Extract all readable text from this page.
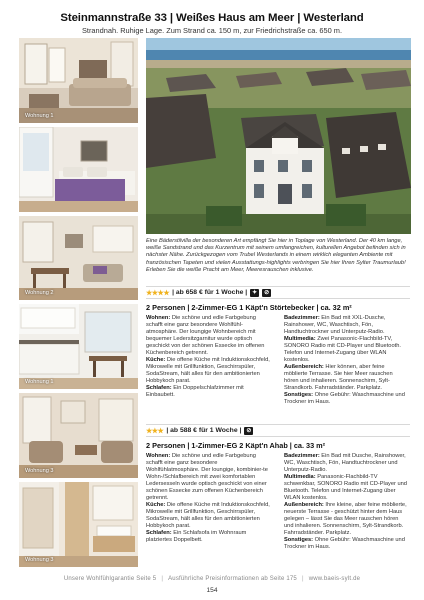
Steinmannstraße 33 | Weißes Haus am Meer | Westerland
Strandnah. Ruhige Lage. Zum Strand ca. 150 m, zur Friedrichstraße ca. 650 m.
Wohnung 1
Wohnung 2
Wohnung 1
Wohnung 3
Wohnung 3
Eine Bäderstilvilla der besonderen Art empfängt Sie hier in Toplage von Westerland. Der 40 km lange, weiße Sandstrand und das Kurzentrum mit seinem umfangreichen, kulturellen Angebot befinden sich in nächster Nähe. Zurückgezogen vom Trubel Westerlands in einem wirklich eleganten Ambiente mit französischen Tapeten und vielen Ausstattungs-highlights verbringen Sie hier Ihren Sylter Traumurlaub! Erleben Sie die weiße Pracht am Meer, Meeresrauschen inklusive.
★★★★ | ab 658 € für 1 Woche | ✦	⊘
2 Personen | 2-Zimmer-EG 1 Käpt'n Störtebecker | ca. 32 m²

Wohnen: Die schöne und edle Farbgebung schafft eine ganz besondere Wohlfühl-atmosphäre. Der loungige Wohnbereich mit bequemer Ledersitzgarnitur wurde optisch geschickt von der schönen Essecke im offenen Küchenbereich getrennt.

Küche: Die offene Küche mit Induktionskochfeld, Mikrowelle mit Grillfunktion, Geschirrspüler, SodaStream, hält alles für den ambitionierten Hobbykoch parat.

Schlafen: Ein Doppelschlafzimmer mit Einbaubett.

Badezimmer: Ein Bad mit XXL-Dusche, Rainshower, WC, Waschtisch, Fön, Handtuchtrockner und Unterputz-Radio.

Multimedia: Zwei Panasonic-Flachbild-TV, SONORO Radio mit CD-Player und Bluetooth. Telefon und Internet-Zugang über WLAN kostenlos.

Außenbereich: Hier können, aber feine möblierte Terrasse. Sie hier Meer rauschen hören und inhalieren. Sonnenschirm, Sylt-Strandkorb. Fahrradständer. Parkplatz.

Sonstiges: Ohne Gebühr: Waschmaschine und Trockner im Haus.

★★★ | ab 588 € für 1 Woche | ⊘
2 Personen | 1-Zimmer-EG 2 Käpt'n Ahab | ca. 33 m²

Wohnen: Die schöne und edle Farbgebung schafft eine ganz besondere Wohlfühlatmosphäre. Der loungige, kombinier-te Wohn-/Schlafbereich mit zwei komfortablen Ledersesseln wurde optisch geschickt von einer schönen Essecke zum offenen Küchenbereich getrennt.

Küche: Die offene Küche mit Induktionskochfeld, Mikrowelle mit Grillfunktion, Geschirrspüler, SodaStream, hält alles für den ambitionierten Hobbykoch parat.

Schlafen: Ein Schlafsofa im Wohnraum platziertes Doppelbett.

Badezimmer: Ein Bad mit Dusche, Rainshower, WC, Waschtisch, Fön, Handtuchtrockner und Unterputz-Radio.

Multimedia: Panasonic-Flachbild-TV schwenkbar, SONORO Radio mit CD-Player und Bluetooth. Telefon und Internet-Zugang über WLAN kostenlos.

Außenbereich: Ihre kleine, aber feine möblierte, neuerste Terrasse - geschützt hinter dem Haus gelegen – lässt Sie das Meer rauschen hören und inhalieren. Sonnenschirm, Sylt-Strandkorb. Fahrradständer. Parkplatz.

Sonstiges: Ohne Gebühr: Waschmaschine und Trockner im Haus.

Unsere Wohlfühlgarantie Seite 5 | Ausführliche Preisinformationen ab Seite 175 | www.baeis-sylt.de
154
